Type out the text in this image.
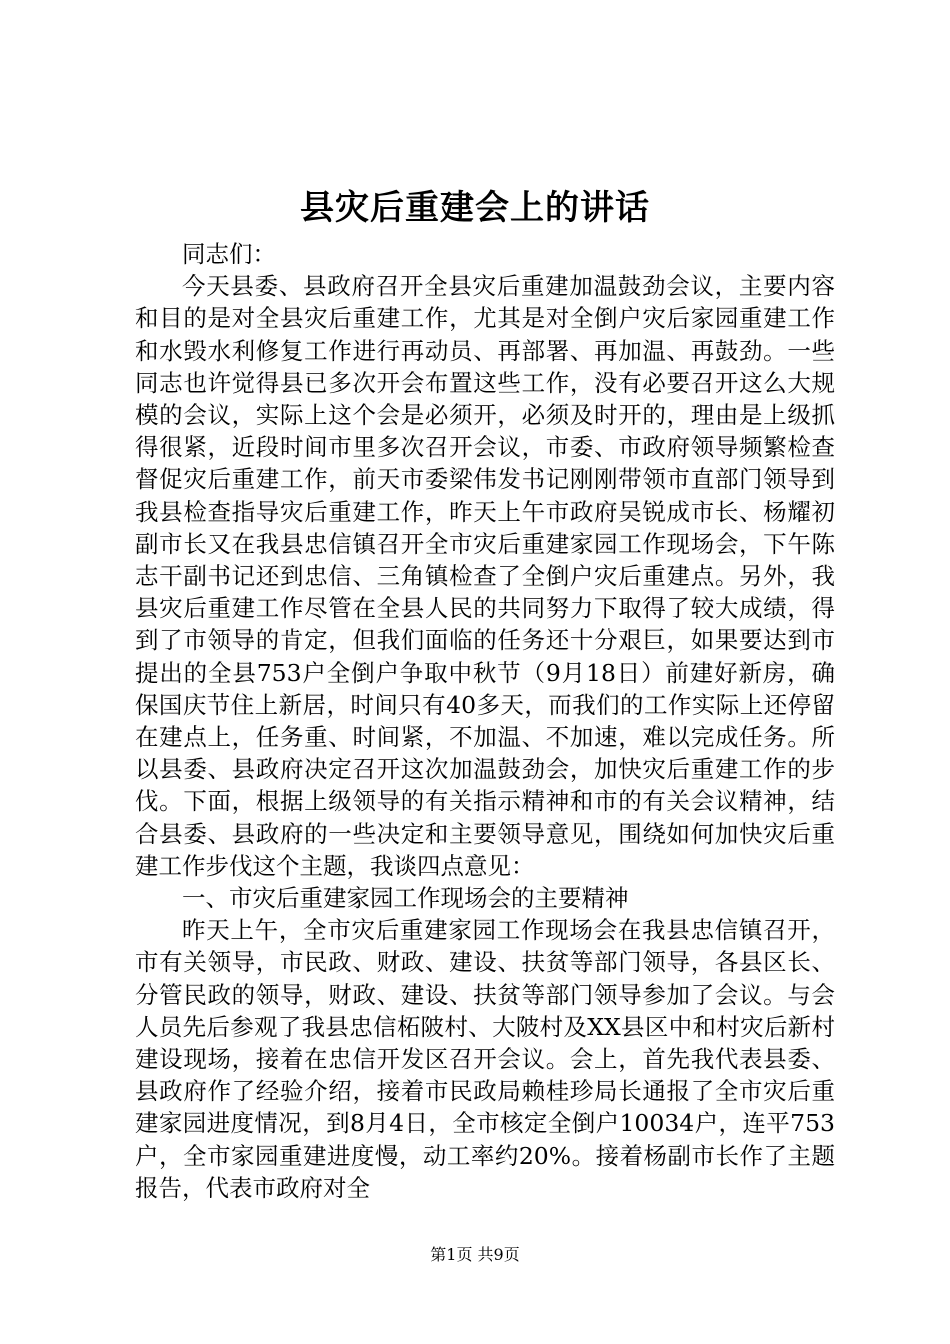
县灾后重建会上的讲话

同志们：

今天县委、县政府召开全县灾后重建加温鼓劲会议，主要内容和目的是对全县灾后重建工作，尤其是对全倒户灾后家园重建工作和水毁水利修复工作进行再动员、再部署、再加温、再鼓劲。一些同志也许觉得县已多次开会布置这些工作，没有必要召开这么大规模的会议，实际上这个会是必须开，必须及时开的，理由是上级抓得很紧，近段时间市里多次召开会议，市委、市政府领导频繁检查督促灾后重建工作，前天市委梁伟发书记刚刚带领市直部门领导到我县检查指导灾后重建工作，昨天上午市政府吴锐成市长、杨耀初副市长又在我县忠信镇召开全市灾后重建家园工作现场会，下午陈志干副书记还到忠信、三角镇检查了全倒户灾后重建点。另外，我县灾后重建工作尽管在全县人民的共同努力下取得了较大成绩，得到了市领导的肯定，但我们面临的任务还十分艰巨，如果要达到市提出的全县753户全倒户争取中秋节（9月18日）前建好新房，确保国庆节住上新居，时间只有40多天，而我们的工作实际上还停留在建点上，任务重、时间紧，不加温、不加速，难以完成任务。所以县委、县政府决定召开这次加温鼓劲会，加快灾后重建工作的步伐。下面，根据上级领导的有关指示精神和市的有关会议精神，结合县委、县政府的一些决定和主要领导意见，围绕如何加快灾后重建工作步伐这个主题，我谈四点意见：

一、市灾后重建家园工作现场会的主要精神

昨天上午，全市灾后重建家园工作现场会在我县忠信镇召开，市有关领导，市民政、财政、建设、扶贫等部门领导，各县区长、分管民政的领导，财政、建设、扶贫等部门领导参加了会议。与会人员先后参观了我县忠信柘陂村、大陂村及XX县区中和村灾后新村建设现场，接着在忠信开发区召开会议。会上，首先我代表县委、县政府作了经验介绍，接着市民政局赖桂珍局长通报了全市灾后重建家园进度情况，到8月4日，全市核定全倒户10034户，连平753户，全市家园重建进度慢，动工率约20%。接着杨副市长作了主题报告，代表市政府对全

第1页 共9页
